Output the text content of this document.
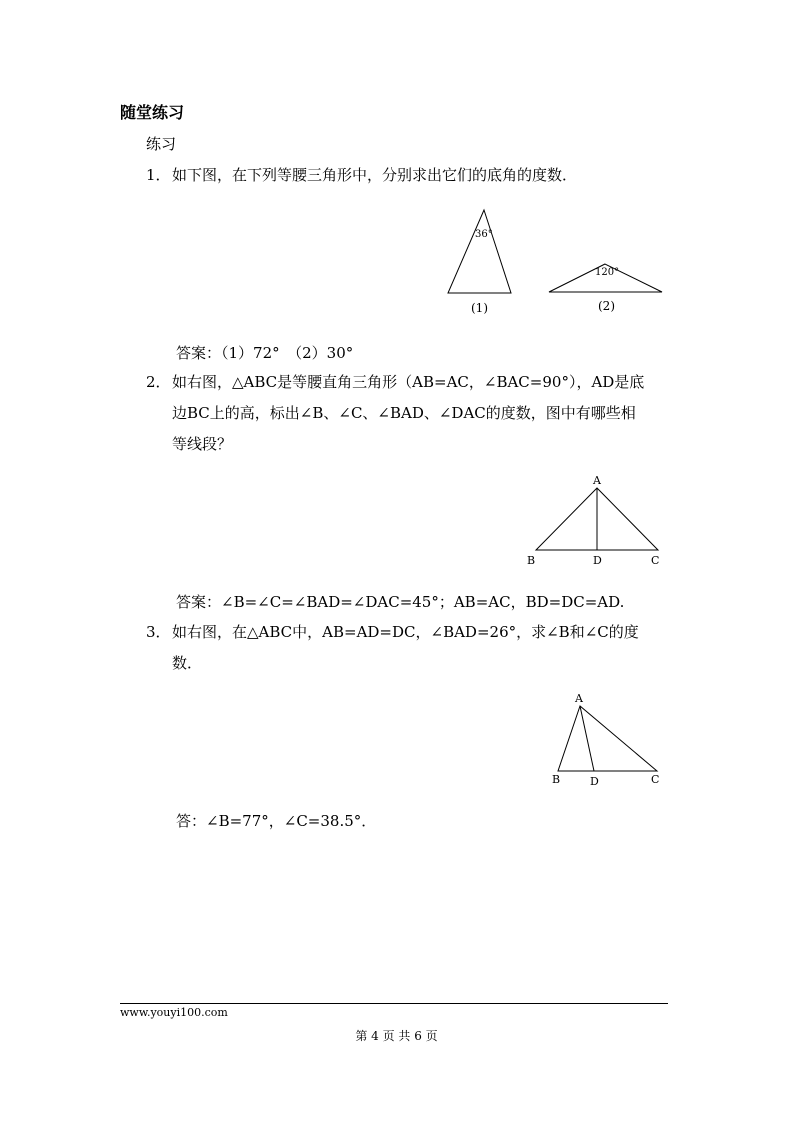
随堂练习
练习
1． 如下图，在下列等腰三角形中，分别求出它们的底角的度数．
36°
(1)
120°
(2)
答案：（1）72°　（2）30°
2． 如右图，△ABC是等腰直角三角形（AB=AC，∠BAC=90°），AD是底
边BC上的高，标出∠B、∠C、∠BAD、∠DAC的度数，图中有哪些相
等线段？
A
B	D	C
答案：∠B=∠C=∠BAD=∠DAC=45°；AB=AC，BD=DC=AD.
3． 如右图，在△ABC中，AB=AD=DC，∠BAD=26°，求∠B和∠C的度
数．
A
B	D	C
答：∠B=77°，∠C=38.5°．
www.youyi100.com
第 4 页 共 6 页
